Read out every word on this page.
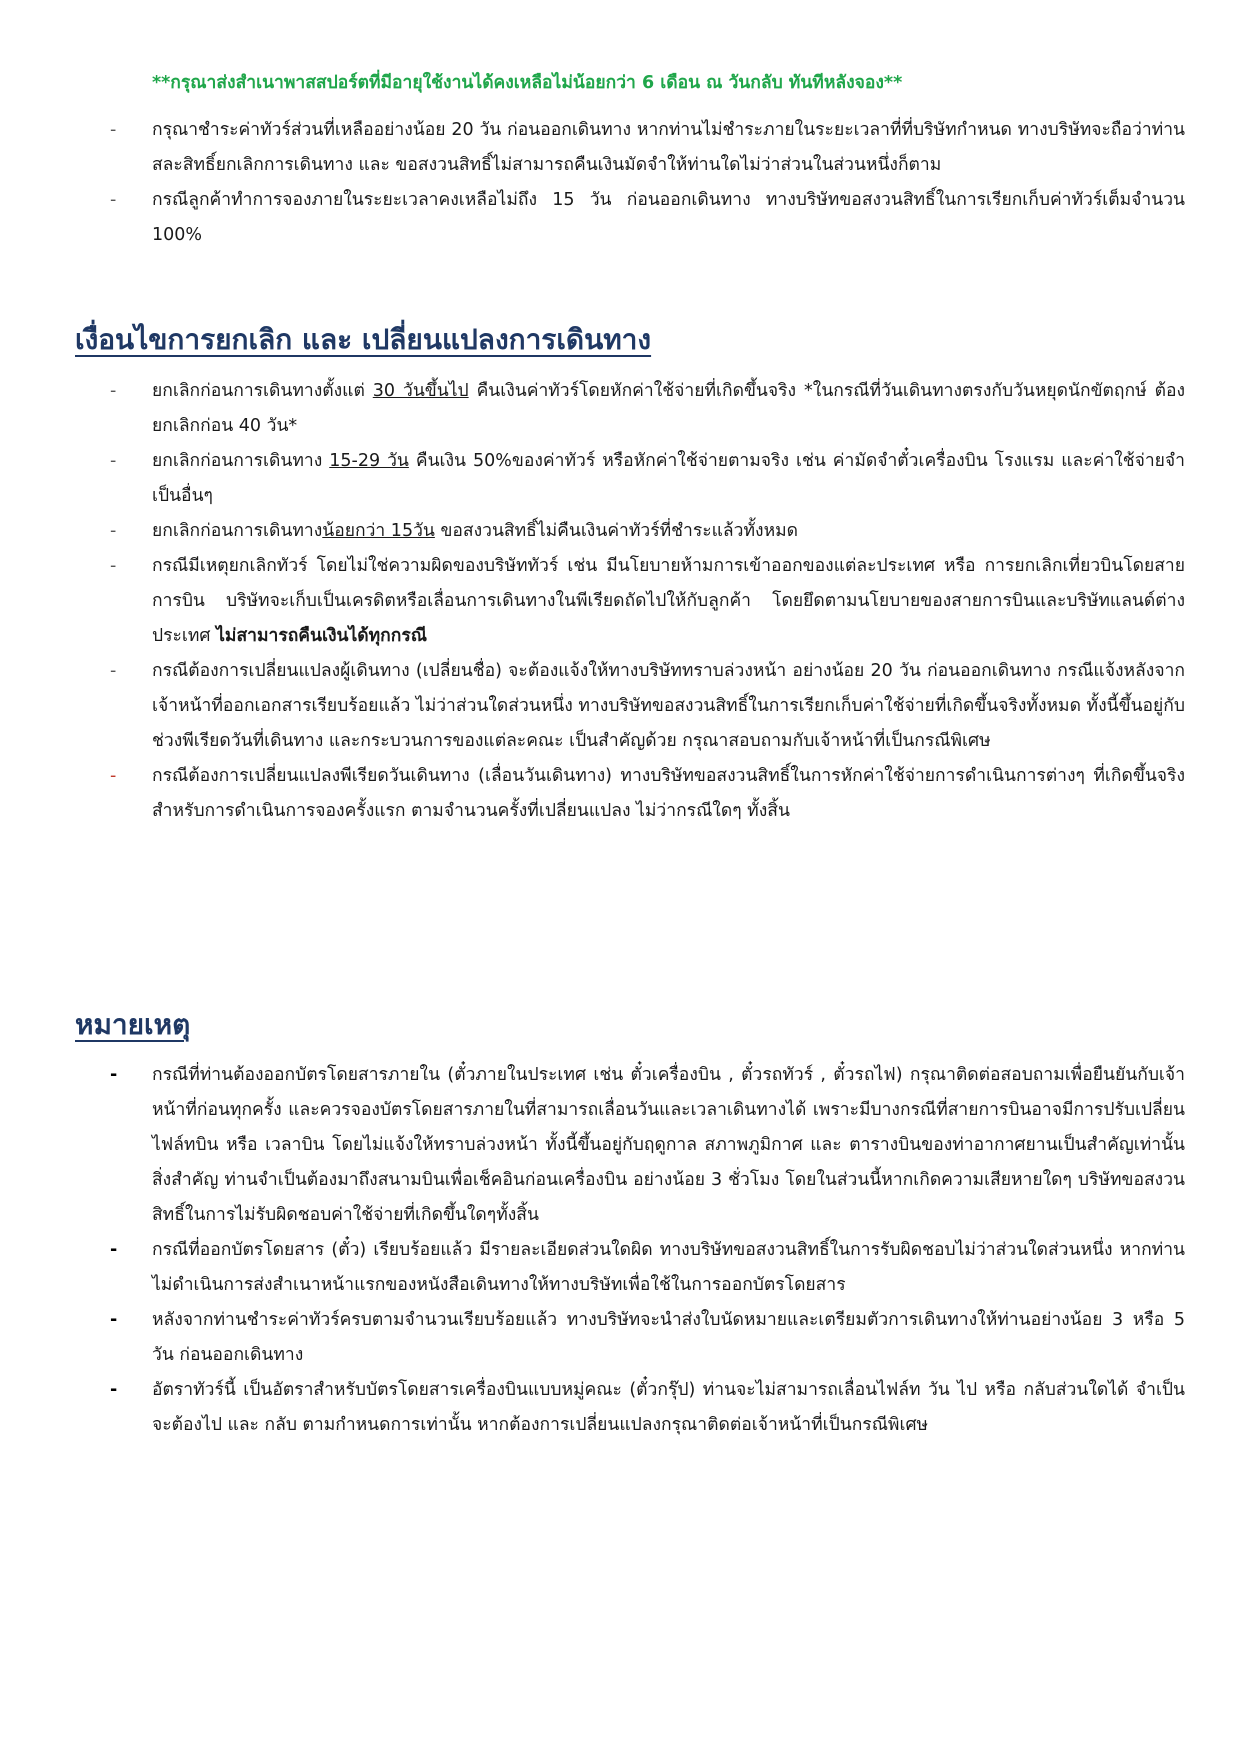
**กรุณาส่งสำเนาพาสสปอร์ตที่มีอายุใช้งานได้คงเหลือไม่น้อยกว่า 6 เดือน ณ วันกลับ ทันทีหลังจอง**
-	กรุณาชำระค่าทัวร์ส่วนที่เหลืออย่างน้อย 20 วัน ก่อนออกเดินทาง หากท่านไม่ชำระภายในระยะเวลาที่ที่บริษัทกำหนด ทางบริษัทจะถือว่าท่านสละสิทธิ์ยกเลิกการเดินทาง และ ขอสงวนสิทธิ์ไม่สามารถคืนเงินมัดจำให้ท่านใดไม่ว่าส่วนในส่วนหนึ่งก็ตาม
-	กรณีลูกค้าทำการจองภายในระยะเวลาคงเหลือไม่ถึง 15 วัน ก่อนออกเดินทาง ทางบริษัทขอสงวนสิทธิ์ในการเรียกเก็บค่าทัวร์เต็มจำนวน 100%
เงื่อนไขการยกเลิก และ เปลี่ยนแปลงการเดินทาง
-	ยกเลิกก่อนการเดินทางตั้งแต่ 30 วันขึ้นไป คืนเงินค่าทัวร์โดยหักค่าใช้จ่ายที่เกิดขึ้นจริง *ในกรณีที่วันเดินทางตรงกับวันหยุดนักขัตฤกษ์ ต้องยกเลิกก่อน 40 วัน*
-	ยกเลิกก่อนการเดินทาง 15-29 วัน คืนเงิน 50%ของค่าทัวร์ หรือหักค่าใช้จ่ายตามจริง เช่น ค่ามัดจำตั๋วเครื่องบิน โรงแรม และค่าใช้จ่ายจำเป็นอื่นๆ
-	ยกเลิกก่อนการเดินทางน้อยกว่า 15วัน ขอสงวนสิทธิ์ไม่คืนเงินค่าทัวร์ที่ชำระแล้วทั้งหมด
-	กรณีมีเหตุยกเลิกทัวร์ โดยไม่ใช่ความผิดของบริษัททัวร์ เช่น มีนโยบายห้ามการเข้าออกของแต่ละประเทศ หรือ การยกเลิกเที่ยวบินโดยสายการบิน บริษัทจะเก็บเป็นเครดิตหรือเลื่อนการเดินทางในพีเรียดถัดไปให้กับลูกค้า โดยยึดตามนโยบายของสายการบินและบริษัทแลนด์ต่างประเทศ ไม่สามารถคืนเงินได้ทุกกรณี
-	กรณีต้องการเปลี่ยนแปลงผู้เดินทาง (เปลี่ยนชื่อ) จะต้องแจ้งให้ทางบริษัททราบล่วงหน้า อย่างน้อย 20 วัน ก่อนออกเดินทาง กรณีแจ้งหลังจากเจ้าหน้าที่ออกเอกสารเรียบร้อยแล้ว ไม่ว่าส่วนใดส่วนหนึ่ง ทางบริษัทขอสงวนสิทธิ์ในการเรียกเก็บค่าใช้จ่ายที่เกิดขึ้นจริงทั้งหมด ทั้งนี้ขึ้นอยู่กับช่วงพีเรียดวันที่เดินทาง และกระบวนการของแต่ละคณะ เป็นสำคัญด้วย กรุณาสอบถามกับเจ้าหน้าที่เป็นกรณีพิเศษ
-	กรณีต้องการเปลี่ยนแปลงพีเรียดวันเดินทาง (เลื่อนวันเดินทาง) ทางบริษัทขอสงวนสิทธิ์ในการหักค่าใช้จ่ายการดำเนินการต่างๆ ที่เกิดขึ้นจริงสำหรับการดำเนินการจองครั้งแรก ตามจำนวนครั้งที่เปลี่ยนแปลง ไม่ว่ากรณีใดๆ ทั้งสิ้น
หมายเหตุ
-	กรณีที่ท่านต้องออกบัตรโดยสารภายใน (ตั๋วภายในประเทศ เช่น ตั๋วเครื่องบิน , ตั๋วรถทัวร์ , ตั๋วรถไฟ) กรุณาติดต่อสอบถามเพื่อยืนยันกับเจ้าหน้าที่ก่อนทุกครั้ง และควรจองบัตรโดยสารภายในที่สามารถเลื่อนวันและเวลาเดินทางได้ เพราะมีบางกรณีที่สายการบินอาจมีการปรับเปลี่ยนไฟล์ทบิน หรือ เวลาบิน โดยไม่แจ้งให้ทราบล่วงหน้า ทั้งนี้ขึ้นอยู่กับฤดูกาล สภาพภูมิกาศ และ ตารางบินของท่าอากาศยานเป็นสำคัญเท่านั้น สิ่งสำคัญ ท่านจำเป็นต้องมาถึงสนามบินเพื่อเช็คอินก่อนเครื่องบิน อย่างน้อย 3 ชั่วโมง โดยในส่วนนี้หากเกิดความเสียหายใดๆ บริษัทขอสงวนสิทธิ์ในการไม่รับผิดชอบค่าใช้จ่ายที่เกิดขึ้นใดๆทั้งสิ้น
-	กรณีที่ออกบัตรโดยสาร (ตั๋ว) เรียบร้อยแล้ว มีรายละเอียดส่วนใดผิด ทางบริษัทขอสงวนสิทธิ์ในการรับผิดชอบไม่ว่าส่วนใดส่วนหนึ่ง หากท่านไม่ดำเนินการส่งสำเนาหน้าแรกของหนังสือเดินทางให้ทางบริษัทเพื่อใช้ในการออกบัตรโดยสาร
-	หลังจากท่านชำระค่าทัวร์ครบตามจำนวนเรียบร้อยแล้ว ทางบริษัทจะนำส่งใบนัดหมายและเตรียมตัวการเดินทางให้ท่านอย่างน้อย 3 หรือ 5 วัน ก่อนออกเดินทาง
-	อัตราทัวร์นี้ เป็นอัตราสำหรับบัตรโดยสารเครื่องบินแบบหมู่คณะ (ตั๋วกรุ๊ป) ท่านจะไม่สามารถเลื่อนไฟล์ท วัน ไป หรือ กลับส่วนใดได้ จำเป็นจะต้องไป และ กลับ ตามกำหนดการเท่านั้น หากต้องการเปลี่ยนแปลงกรุณาติดต่อเจ้าหน้าที่เป็นกรณีพิเศษ
